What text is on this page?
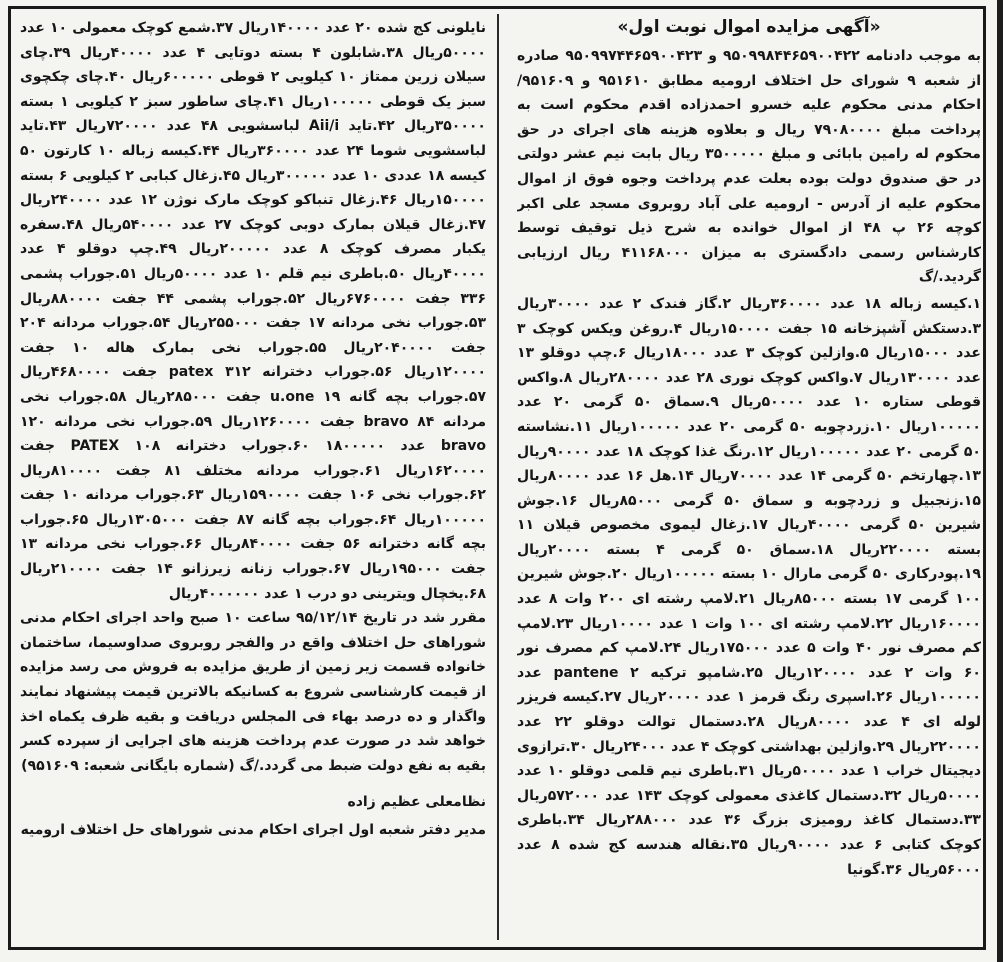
«آگهی مزایده اموال نوبت اول»

به موجب دادنامه ۹۵۰۹۹۸۴۴۶۵۹۰۰۴۲۲ و ۹۵۰۹۹۷۴۴۶۵۹۰۰۴۲۳ صادره از شعبه ۹ شورای حل اختلاف ارومیه مطابق ۹۵۱۶۱۰ و ۹۵۱۶۰۹/ احکام مدنی محکوم علیه خسرو احمدزاده اقدم محکوم است به پرداخت مبلغ ۷۹۰۸۰۰۰۰ ریال و بعلاوه هزینه های اجرای در حق محکوم له رامین بابائی و مبلغ ۳۵۰۰۰۰۰ ریال بابت نیم عشر دولتی در حق صندوق دولت بوده بعلت عدم پرداخت وجوه فوق از اموال محکوم علیه از آدرس - ارومیه علی آباد روبروی مسجد علی اکبر کوچه ۲۶ پ ۴۸ از اموال خوانده به شرح ذیل توقیف توسط کارشناس رسمی دادگستری به میزان ۴۱۱۶۸۰۰۰ ریال ارزیابی گردید./گ

۱.کیسه زباله ۱۸ عدد ۳۶۰۰۰۰ریال ۲.گاز فندک ۲ عدد ۳۰۰۰۰ریال ۳.دستکش آشپزخانه ۱۵ جفت ۱۵۰۰۰۰ریال ۴.روغن ویکس کوچک ۳ عدد ۱۵۰۰۰ریال ۵.وازلین کوچک ۳ عدد ۱۸۰۰۰ریال ۶.چپ دوقلو ۱۳ عدد ۱۳۰۰۰۰ریال ۷.واکس کوچک نوری ۲۸ عدد ۲۸۰۰۰۰ریال ۸.واکس قوطی ستاره ۱۰ عدد ۵۰۰۰۰ریال ۹.سماق ۵۰ گرمی ۲۰ عدد ۱۰۰۰۰۰ریال ۱۰.زردچوبه ۵۰ گرمی ۲۰ عدد ۱۰۰۰۰۰ریال ۱۱.نشاسته ۵۰ گرمی ۲۰ عدد ۱۰۰۰۰۰ریال ۱۲.رنگ غذا کوچک ۱۸ عدد ۹۰۰۰۰ریال ۱۳.چهارتخم ۵۰ گرمی ۱۴ عدد ۷۰۰۰۰ریال ۱۴.هل ۱۶ عدد ۸۰۰۰۰ریال ۱۵.زنجبیل و زردچوبه و سماق ۵۰ گرمی ۸۵۰۰۰ریال ۱۶.جوش شیرین ۵۰ گرمی ۴۰۰۰۰ریال ۱۷.زغال لیموی مخصوص قیلان ۱۱ بسته ۲۲۰۰۰۰ریال ۱۸.سماق ۵۰ گرمی ۴ بسته ۲۰۰۰۰ریال ۱۹.پودرکاری ۵۰ گرمی مارال ۱۰ بسته ۱۰۰۰۰۰ریال ۲۰.جوش شیرین ۱۰۰ گرمی ۱۷ بسته ۸۵۰۰۰ریال ۲۱.لامپ رشته ای ۲۰۰ وات ۸ عدد ۱۶۰۰۰۰ریال ۲۲.لامپ رشته ای ۱۰۰ وات ۱ عدد ۱۰۰۰۰ریال ۲۳.لامپ کم مصرف نور ۴۰ وات ۵ عدد ۱۷۵۰۰۰ریال ۲۴.لامپ کم مصرف نور ۶۰ وات ۲ عدد ۱۲۰۰۰۰ریال ۲۵.شامپو ترکیه ۲ pantene عدد ۱۰۰۰۰۰ریال ۲۶.اسپری رنگ قرمز ۱ عدد ۲۰۰۰۰ریال ۲۷.کیسه فریزر لوله ای ۴ عدد ۸۰۰۰۰ریال ۲۸.دستمال توالت دوقلو ۲۲ عدد ۲۲۰۰۰۰ریال ۲۹.وازلین بهداشتی کوچک ۴ عدد ۲۴۰۰۰ریال ۳۰.ترازوی دیجیتال خراب ۱ عدد ۵۰۰۰۰ریال ۳۱.باطری نیم قلمی دوقلو ۱۰ عدد ۵۰۰۰۰ریال ۳۲.دستمال کاغذی معمولی کوچک ۱۴۳ عدد ۵۷۲۰۰۰ریال ۳۳.دستمال کاغذ رومیزی بزرگ ۳۶ عدد ۲۸۸۰۰۰ریال ۳۴.باطری کوچک کتابی ۶ عدد ۹۰۰۰۰ریال ۳۵.نقاله هندسه کج شده ۸ عدد ۵۶۰۰۰ریال ۳۶.گونیا

نایلونی کج شده ۲۰ عدد ۱۴۰۰۰۰ریال ۳۷.شمع کوچک معمولی ۱۰ عدد ۵۰۰۰۰ریال ۳۸.شابلون ۴ بسته دوتایی ۴ عدد ۴۰۰۰۰ریال ۳۹.چای سیلان زرین ممتاز ۱۰ کیلویی ۲ قوطی ۶۰۰۰۰۰ریال ۴۰.چای چکچوی سبز یک قوطی ۱۰۰۰۰۰ریال ۴۱.چای ساطور سبز ۲ کیلویی ۱ بسته ۳۵۰۰۰۰ریال ۴۲.تاید Aii/i لباسشویی ۴۸ عدد ۷۲۰۰۰۰ریال ۴۳.تاید لباسشویی شوما ۲۴ عدد ۳۶۰۰۰۰ریال ۴۴.کیسه زباله ۱۰ کارتون ۵۰ کیسه ۱۸ عددی ۱۰ عدد ۳۰۰۰۰۰ریال ۴۵.زغال کبابی ۲ کیلویی ۶ بسته ۱۵۰۰۰۰ریال ۴۶.زغال تنباکو کوچک مارک نوژن ۱۲ عدد ۲۴۰۰۰۰ریال ۴۷.زغال قیلان بمارک دوبی کوچک ۲۷ عدد ۵۴۰۰۰۰ریال ۴۸.سفره یکبار مصرف کوچک ۸ عدد ۲۰۰۰۰۰ریال ۴۹.چپ دوقلو ۴ عدد ۴۰۰۰۰ریال ۵۰.باطری نیم قلم ۱۰ عدد ۵۰۰۰۰ریال ۵۱.جوراب پشمی ۳۳۶ جفت ۶۷۶۰۰۰۰ریال ۵۲.جوراب پشمی ۴۴ جفت ۸۸۰۰۰۰ریال ۵۳.جوراب نخی مردانه ۱۷ جفت ۲۵۵۰۰۰ریال ۵۴.جوراب مردانه ۲۰۴ جفت ۲۰۴۰۰۰۰ریال ۵۵.جوراب نخی بمارک هاله ۱۰ جفت ۱۲۰۰۰۰ریال ۵۶.جوراب دخترانه ۳۱۲ patex جفت ۴۶۸۰۰۰۰ریال ۵۷.جوراب بچه گانه ۱۹ u.one جفت ۲۸۵۰۰۰ریال ۵۸.جوراب نخی مردانه ۸۴ bravo جفت ۱۲۶۰۰۰۰ریال ۵۹.جوراب نخی مردانه ۱۲۰ bravo عدد ۱۸۰۰۰۰۰ ۶۰.جوراب دخترانه ۱۰۸ PATEX جفت ۱۶۲۰۰۰۰ریال ۶۱.جوراب مردانه مختلف ۸۱ جفت ۸۱۰۰۰۰ریال ۶۲.جوراب نخی ۱۰۶ جفت ۱۵۹۰۰۰۰ریال ۶۳.جوراب مردانه ۱۰ جفت ۱۰۰۰۰۰ریال ۶۴.جوراب بچه گانه ۸۷ جفت ۱۳۰۵۰۰۰ریال ۶۵.جوراب بچه گانه دخترانه ۵۶ جفت ۸۴۰۰۰۰ریال ۶۶.جوراب نخی مردانه ۱۳ جفت ۱۹۵۰۰۰ریال ۶۷.جوراب زنانه زیرزانو ۱۴ جفت ۲۱۰۰۰۰ریال ۶۸.یخچال ویترینی دو درب ۱ عدد ۴۰۰۰۰۰۰ریال

مقرر شد در تاریخ ۹۵/۱۲/۱۴ ساعت ۱۰ صبح واحد اجرای احکام مدنی شوراهای حل اختلاف واقع در والفجر روبروی صداوسیما، ساختمان خانواده قسمت زیر زمین از طریق مزایده به فروش می رسد مزایده از قیمت کارشناسی شروع به کسانیکه بالاترین قیمت پیشنهاد نمایند واگذار و ده درصد بهاء فی المجلس دریافت و بقیه ظرف یکماه اخذ خواهد شد در صورت عدم پرداخت هزینه های اجرایی از سپرده کسر بقیه به نفع دولت ضبط می گردد./گ (شماره بایگانی شعبه: ۹۵۱۶۰۹)

نظامعلی عظیم زاده
مدیر دفتر شعبه اول اجرای احکام مدنی شوراهای حل اختلاف ارومیه
